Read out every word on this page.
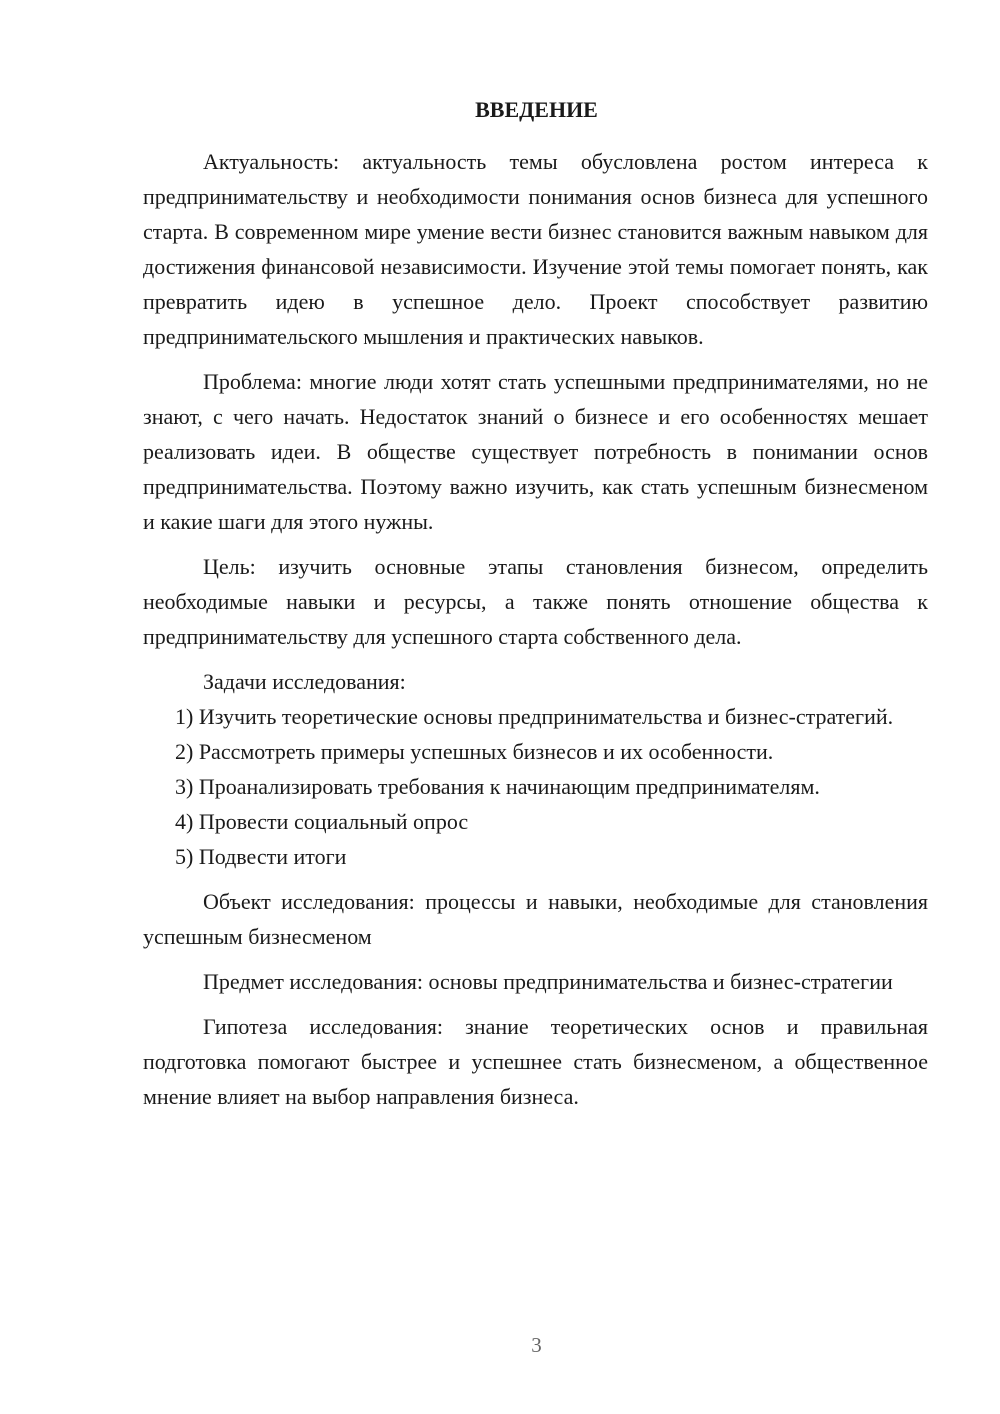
ВВЕДЕНИЕ

Актуальность: актуальность темы обусловлена ростом интереса к предпринимательству и необходимости понимания основ бизнеса для успешного старта. В современном мире умение вести бизнес становится важным навыком для достижения финансовой независимости. Изучение этой темы помогает понять, как превратить идею в успешное дело. Проект способствует развитию предпринимательского мышления и практических навыков.

Проблема: многие люди хотят стать успешными предпринимателями, но не знают, с чего начать. Недостаток знаний о бизнесе и его особенностях мешает реализовать идеи. В обществе существует потребность в понимании основ предпринимательства. Поэтому важно изучить, как стать успешным бизнесменом и какие шаги для этого нужны.

Цель: изучить основные этапы становления бизнесом, определить необходимые навыки и ресурсы, а также понять отношение общества к предпринимательству для успешного старта собственного дела.

Задачи исследования:

1) Изучить теоретические основы предпринимательства и бизнес-стратегий.

2) Рассмотреть примеры успешных бизнесов и их особенности.

3) Проанализировать требования к начинающим предпринимателям.

4) Провести социальный опрос

5) Подвести итоги

Объект исследования: процессы и навыки, необходимые для становления успешным бизнесменом

Предмет исследования: основы предпринимательства и бизнес-стратегии

Гипотеза исследования: знание теоретических основ и правильная подготовка помогают быстрее и успешнее стать бизнесменом, а общественное мнение влияет на выбор направления бизнеса.

3
